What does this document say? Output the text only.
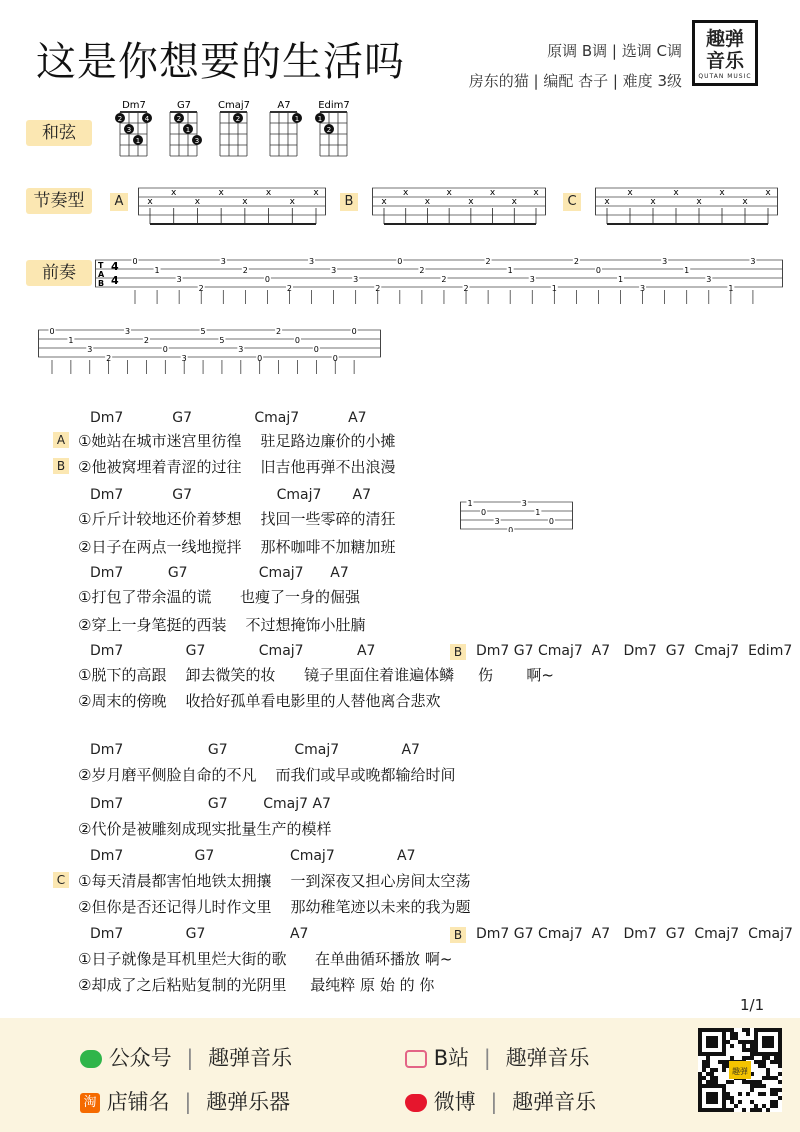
这是你想要的生活吗	原调 B调 | 选调 C调
房东的猫 | 编配 杏子 | 难度 3级
趣弹
音乐
QUTAN MUSIC
和弦
节奏型
前奏
Dm7
2
3
1
4
G7
2
1
3
Cmaj7
2
A7
1
Edim7
1
2
A	B	C
x
x
x
x
x
x
x
x
x
x
x
x
x
x
x
x
x
x
x
x
x
x
x
x
T
A
B
4
4
0
1
3
2
3
2
0
2
3
3
3
2
0
2
2
2
2
1
3
1
2
0
1
3
3
1
3
1
3
0
1
3
2
3
2
0
3
5
5
3
0
2
0
0
0
0
Dm7           G7              Cmaj7           A7
A ①她站在城市迷宫里彷徨    驻足路边廉价的小摊
B ②他被窝埋着青涩的过往    旧吉他再弹不出浪漫
Dm7           G7                   Cmaj7       A7
①斤斤计较地还价着梦想    找回一些零碎的清狂
②日子在两点一线地搅拌    那杯咖啡不加糖加班
Dm7          G7                Cmaj7      A7
①打包了带余温的谎      也瘦了一身的倔强
②穿上一身笔挺的西装    不过想掩饰小肚腩
Dm7              G7            Cmaj7            A7	B Dm7 G7 Cmaj7  A7   Dm7  G7  Cmaj7  Edim7
①脱下的高跟    卸去微笑的妆      镜子里面住着谁遍体鳞     伤       啊~
②周末的傍晚    收拾好孤单看电影里的人替他离合悲欢
Dm7                   G7               Cmaj7              A7
②岁月磨平侧脸自命的不凡    而我们或早或晚都输给时间
Dm7                   G7        Cmaj7 A7
②代价是被雕刻成现实批量生产的模样
Dm7                G7                 Cmaj7              A7
C ①每天清晨都害怕地铁太拥攘    一到深夜又担心房间太空荡
②但你是否还记得儿时作文里    那幼稚笔迹以未来的我为题
Dm7              G7                   A7	B Dm7 G7 Cmaj7  A7   Dm7  G7  Cmaj7  Cmaj7
①日子就像是耳机里烂大街的歌      在单曲循环播放 啊~
②却成了之后粘贴复制的光阴里     最纯粹 原 始 的 你
1
0
3
0
3
1
0
1/1
公众号 | 趣弹音乐
淘 店铺名 | 趣弹乐器
B站 | 趣弹音乐
微博 | 趣弹音乐
趣弹
